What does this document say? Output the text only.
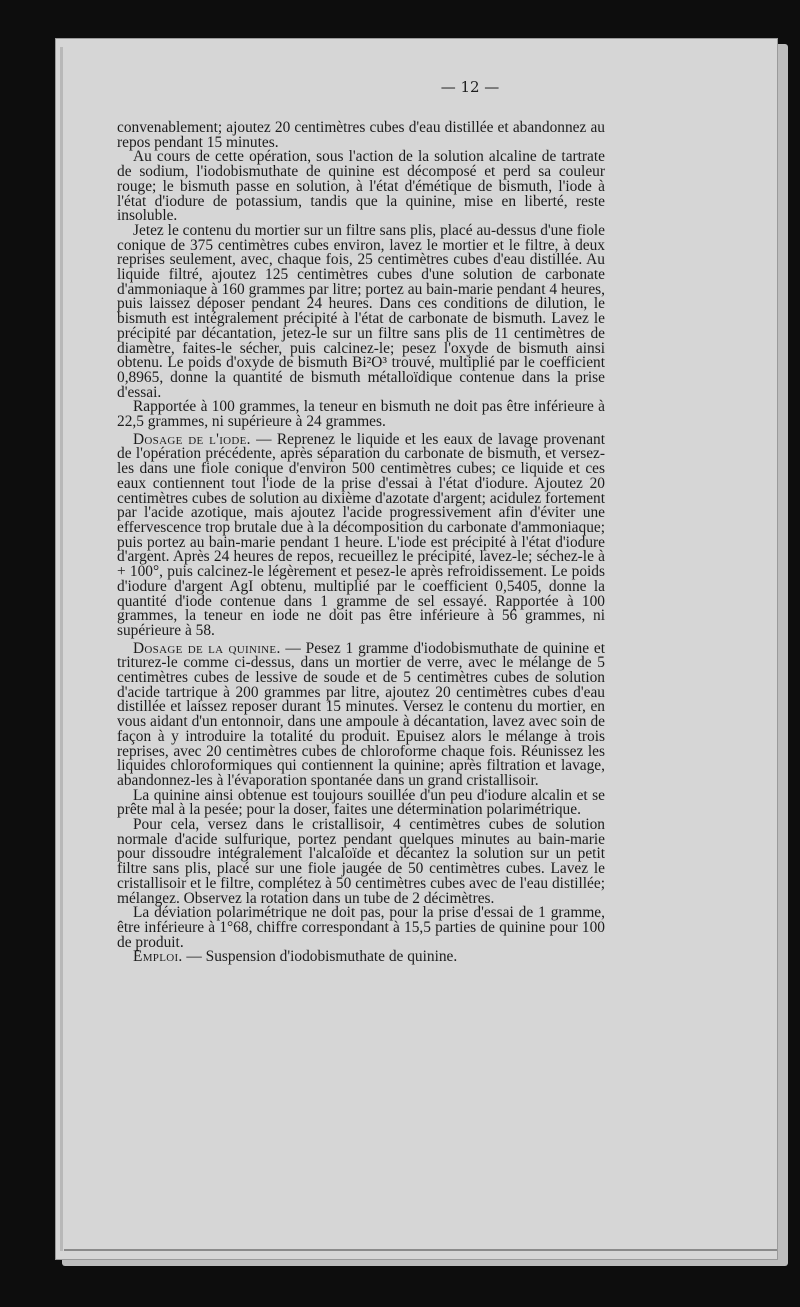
— 12 —

convenablement; ajoutez 20 centimètres cubes d'eau distillée et abandonnez au repos pendant 15 minutes.

Au cours de cette opération, sous l'action de la solution alcaline de tartrate de sodium, l'iodobismuthate de quinine est décomposé et perd sa couleur rouge; le bismuth passe en solution, à l'état d'émétique de bismuth, l'iode à l'état d'iodure de potassium, tandis que la quinine, mise en liberté, reste insoluble.

Jetez le contenu du mortier sur un filtre sans plis, placé au-dessus d'une fiole conique de 375 centimètres cubes environ, lavez le mortier et le filtre, à deux reprises seulement, avec, chaque fois, 25 centimètres cubes d'eau distillée. Au liquide filtré, ajoutez 125 centimètres cubes d'une solution de carbonate d'ammoniaque à 160 grammes par litre; portez au bain-marie pendant 4 heures, puis laissez déposer pendant 24 heures. Dans ces conditions de dilution, le bismuth est intégralement précipité à l'état de carbonate de bismuth. Lavez le précipité par décantation, jetez-le sur un filtre sans plis de 11 centimètres de diamètre, faites-le sécher, puis calcinez-le; pesez l'oxyde de bismuth ainsi obtenu. Le poids d'oxyde de bismuth Bi²O³ trouvé, multiplié par le coefficient 0,8965, donne la quantité de bismuth métalloïdique contenue dans la prise d'essai.

Rapportée à 100 grammes, la teneur en bismuth ne doit pas être inférieure à 22,5 grammes, ni supérieure à 24 grammes.

Dosage de l'iode. — Reprenez le liquide et les eaux de lavage provenant de l'opération précédente, après séparation du carbonate de bismuth, et versez-les dans une fiole conique d'environ 500 centimètres cubes; ce liquide et ces eaux contiennent tout l'iode de la prise d'essai à l'état d'iodure. Ajoutez 20 centimètres cubes de solution au dixième d'azotate d'argent; acidulez fortement par l'acide azotique, mais ajoutez l'acide progressivement afin d'éviter une effervescence trop brutale due à la décomposition du carbonate d'ammoniaque; puis portez au bain-marie pendant 1 heure. L'iode est précipité à l'état d'iodure d'argent. Après 24 heures de repos, recueillez le précipité, lavez-le; séchez-le à + 100°, puis calcinez-le légèrement et pesez-le après refroidissement. Le poids d'iodure d'argent AgI obtenu, multiplié par le coefficient 0,5405, donne la quantité d'iode contenue dans 1 gramme de sel essayé. Rapportée à 100 grammes, la teneur en iode ne doit pas être inférieure à 56 grammes, ni supérieure à 58.

Dosage de la quinine. — Pesez 1 gramme d'iodobismuthate de quinine et triturez-le comme ci-dessus, dans un mortier de verre, avec le mélange de 5 centimètres cubes de lessive de soude et de 5 centimètres cubes de solution d'acide tartrique à 200 grammes par litre, ajoutez 20 centimètres cubes d'eau distillée et laissez reposer durant 15 minutes. Versez le contenu du mortier, en vous aidant d'un entonnoir, dans une ampoule à décantation, lavez avec soin de façon à y introduire la totalité du produit. Epuisez alors le mélange à trois reprises, avec 20 centimètres cubes de chloroforme chaque fois. Réunissez les liquides chloroformiques qui contiennent la quinine; après filtration et lavage, abandonnez-les à l'évaporation spontanée dans un grand cristallisoir.

La quinine ainsi obtenue est toujours souillée d'un peu d'iodure alcalin et se prête mal à la pesée; pour la doser, faites une détermination polarimétrique.

Pour cela, versez dans le cristallisoir, 4 centimètres cubes de solution normale d'acide sulfurique, portez pendant quelques minutes au bain-marie pour dissoudre intégralement l'alcaloïde et décantez la solution sur un petit filtre sans plis, placé sur une fiole jaugée de 50 centimètres cubes. Lavez le cristallisoir et le filtre, complétez à 50 centimètres cubes avec de l'eau distillée; mélangez. Observez la rotation dans un tube de 2 décimètres.

La déviation polarimétrique ne doit pas, pour la prise d'essai de 1 gramme, être inférieure à 1°68, chiffre correspondant à 15,5 parties de quinine pour 100 de produit.

Emploi. — Suspension d'iodobismuthate de quinine.
